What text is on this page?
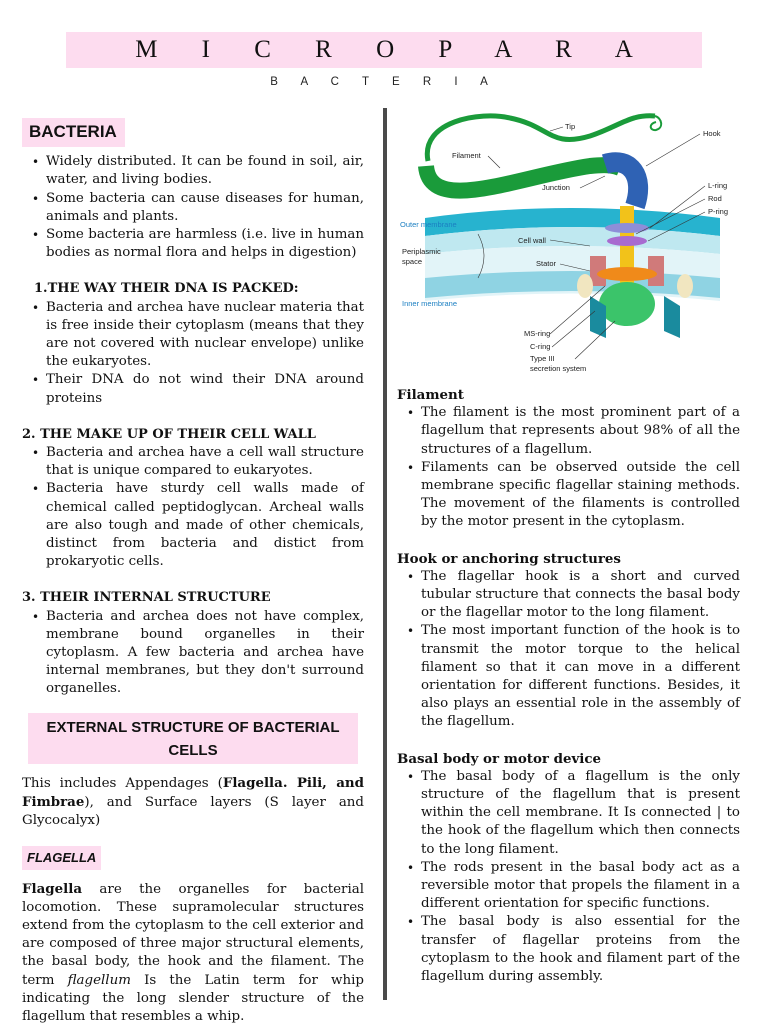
M I C R O P A R A
B A C T E R I A
BACTERIA
• Widely distributed. It can be found in soil, air, water, and living bodies.
• Some bacteria can cause diseases for human, animals and plants.
• Some bacteria are harmless (i.e. live in human bodies as normal flora and helps in digestion)
1.THE WAY THEIR DNA IS PACKED:
• Bacteria and archea have nuclear materia that is free inside their cytoplasm (means that they are not covered with nuclear envelope) unlike the eukaryotes.
• Their DNA do not wind their DNA around proteins
2. THE MAKE UP OF THEIR CELL WALL
• Bacteria and archea have a cell wall structure that is unique compared to eukaryotes.
• Bacteria have sturdy cell walls made of chemical called peptidoglycan. Archeal walls are also tough and made of other chemicals, distinct from bacteria and distict from prokaryotic cells.
3. THEIR INTERNAL STRUCTURE
• Bacteria and archea does not have complex, membrane bound organelles in their cytoplasm. A few bacteria and archea have internal membranes, but they don't surround organelles.
EXTERNAL STRUCTURE OF BACTERIAL CELLS
This includes Appendages (Flagella. Pili, and Fimbrae), and Surface layers (S layer and Glycocalyx)
FLAGELLA
Flagella are the organelles for bacterial locomotion. These supramolecular structures extend from the cytoplasm to the cell exterior and are composed of three major structural elements, the basal body, the hook and the filament. The term flagellum Is the Latin term for whip indicating the long slender structure of the flagellum that resembles a whip.
Tip
Hook
Filament
Junction	L-ring
Rod
P-ring
Outer membrane
Cell wall
Periplasmic
space	Stator
Inner membrane
MS-ring
C-ring
Type III
secretion system
Filament
• The filament is the most prominent part of a flagellum that represents about 98% of all the structures of a flagellum.
• Filaments can be observed outside the cell membrane specific flagellar staining methods. The movement of the filaments is controlled by the motor present in the cytoplasm.
Hook or anchoring structures
• The flagellar hook is a short and curved tubular structure that connects the basal body or the flagellar motor to the long filament.
• The most important function of the hook is to transmit the motor torque to the helical filament so that it can move in a different orientation for different functions. Besides, it also plays an essential role in the assembly of the flagellum.
Basal body or motor device
• The basal body of a flagellum is the only structure of the flagellum that is present within the cell membrane. It Is connected | to the hook of the flagellum which then connects to the long filament.
• The rods present in the basal body act as a reversible motor that propels the filament in a different orientation for specific functions.
• The basal body is also essential for the transfer of flagellar proteins from the cytoplasm to the hook and filament part of the flagellum during assembly.
